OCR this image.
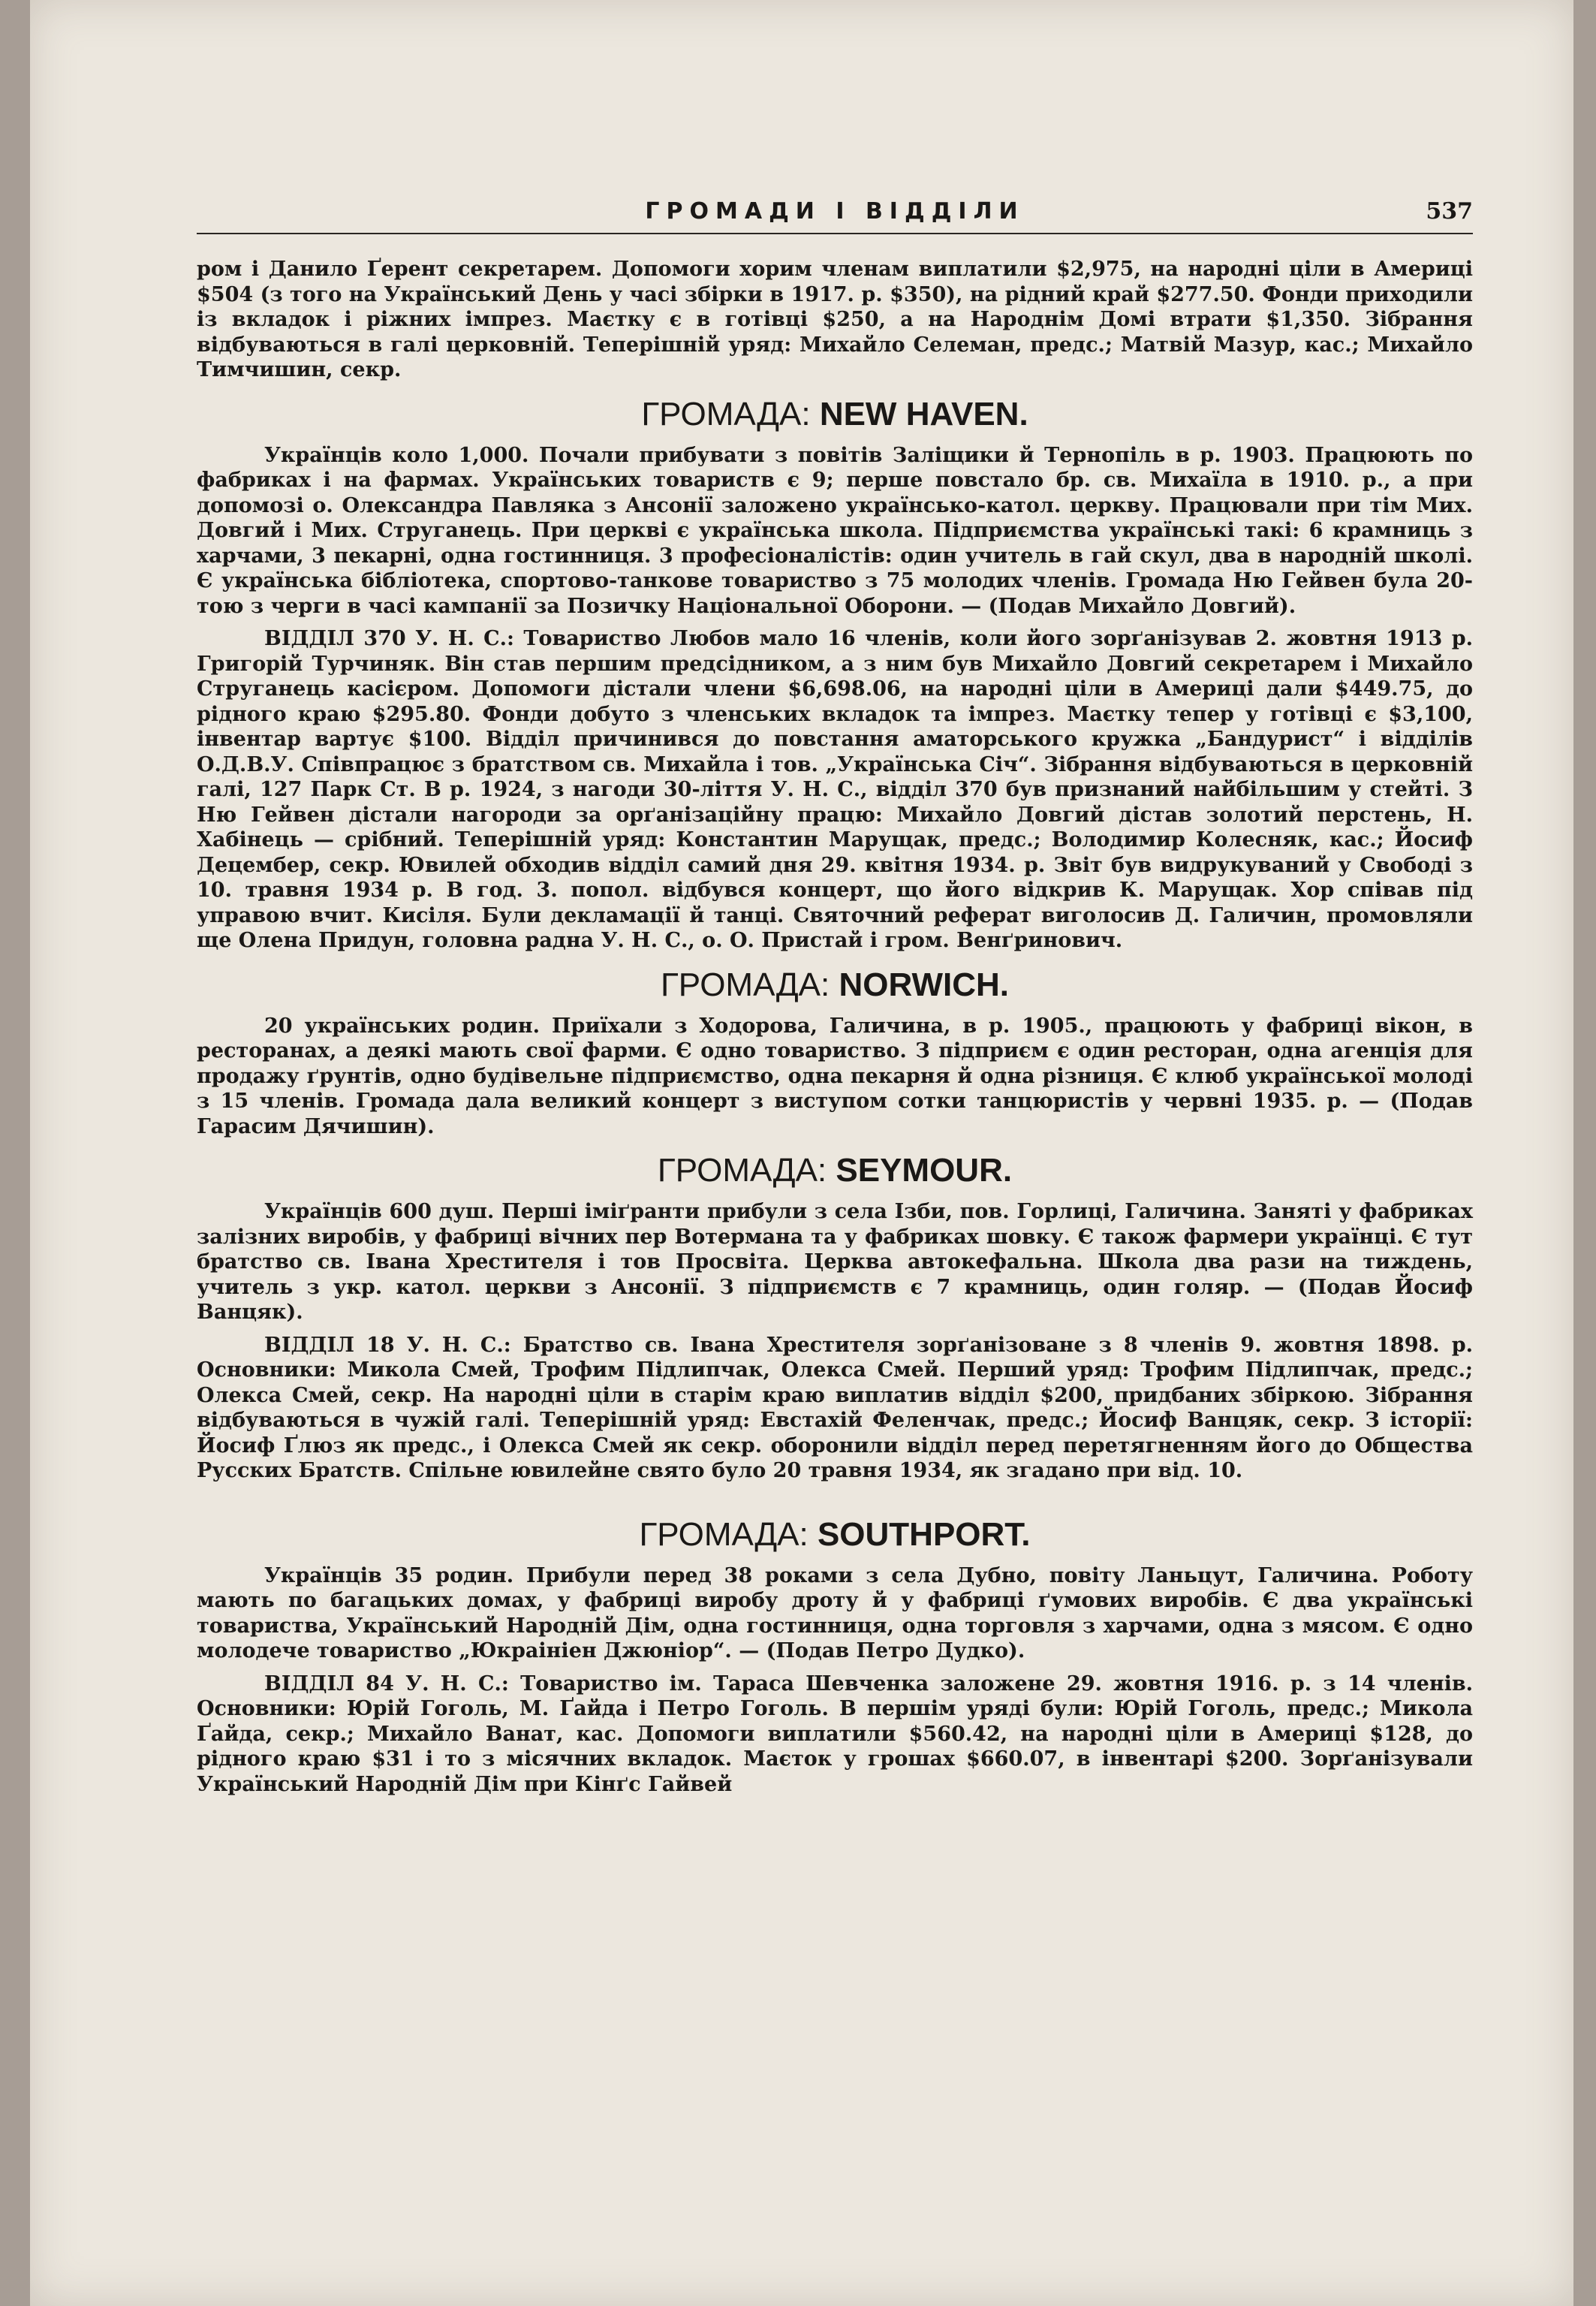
ГРОМАДИ І ВІДДІЛИ	537

ром і Данило Ґерент секретарем. Допомоги хорим членам виплатили $2,975, на народні ціли в Америці $504 (з того на Український День у часі збірки в 1917. р. $350), на рідний край $277.50. Фонди приходили із вкладок і ріжних імпрез. Маєтку є в готівці $250, а на Народнім Домі втрати $1,350. Зібрання відбуваються в галі церковній. Теперішній уряд: Михайло Селеман, предс.; Матвій Мазур, кас.; Михайло Тимчишин, секр.

ГРОМАДА: NEW HAVEN.

Українців коло 1,000. Почали прибувати з повітів Заліщики й Тернопіль в р. 1903. Працюють по фабриках і на фармах. Українських товариств є 9; перше повстало бр. св. Михаїла в 1910. р., а при допомозі о. Олександра Павляка з Ансонії заложено українсько-катол. церкву. Працювали при тім Мих. Довгий і Мих. Струганець. При церкві є українська школа. Підприємства українські такі: 6 крамниць з харчами, 3 пекарні, одна гостинниця. 3 професіоналістів: один учитель в гай скул, два в народній школі. Є українська бібліотека, спортово-танкове товариство з 75 молодих членів. Громада Ню Гейвен була 20-тою з черги в часі кампанії за Позичку Національної Оборони. — (Подав Михайло Довгий).

ВІДДІЛ 370 У. Н. С.: Товариство Любов мало 16 членів, коли його зорґанізував 2. жовтня 1913 р. Григорій Турчиняк. Він став першим предсідником, а з ним був Михайло Довгий секретарем і Михайло Струганець касієром. Допомоги дістали члени $6,698.06, на народні ціли в Америці дали $449.75, до рідного краю $295.80. Фонди добуто з членських вкладок та імпрез. Маєтку тепер у готівці є $3,100, інвентар вартує $100. Відділ причинився до повстання аматорського кружка „Бандурист“ і відділів О.Д.В.У. Співпрацює з братством св. Михайла і тов. „Українська Січ“. Зібрання відбуваються в церковній галі, 127 Парк Ст. В р. 1924, з нагоди 30-ліття У. Н. С., відділ 370 був признаний найбільшим у стейті. З Ню Гейвен дістали нагороди за орґанізаційну працю: Михайло Довгий дістав золотий перстень, Н. Хабінець — срібний. Теперішній уряд: Константин Марущак, предс.; Володимир Колесняк, кас.; Йосиф Децембер, секр. Ювилей обходив відділ самий дня 29. квітня 1934. р. Звіт був видрукуваний у Свободі з 10. травня 1934 р. В год. 3. попол. відбувся концерт, що його відкрив К. Марущак. Хор співав під управою вчит. Кисіля. Були декламації й танці. Святочний реферат виголосив Д. Галичин, промовляли ще Олена Придун, головна радна У. Н. С., о. О. Пристай і гром. Венґринович.

ГРОМАДА: NORWICH.

20 українських родин. Приїхали з Ходорова, Галичина, в р. 1905., працюють у фабриці вікон, в ресторанах, а деякі мають свої фарми. Є одно товариство. З підприєм є один ресторан, одна агенція для продажу ґрунтів, одно будівельне підприємство, одна пекарня й одна різниця. Є клюб української молоді з 15 членів. Громада дала великий концерт з виступом сотки танцюристів у червні 1935. р. — (Подав Гарасим Дячишин).

ГРОМАДА: SEYMOUR.

Українців 600 душ. Перші іміґранти прибули з села Ізби, пов. Горлиці, Галичина. Заняті у фабриках залізних виробів, у фабриці вічних пер Вотермана та у фабриках шовку. Є також фармери українці. Є тут братство св. Івана Хрестителя і тов Просвіта. Церква автокефальна. Школа два рази на тиждень, учитель з укр. катол. церкви з Ансонії. З підприємств є 7 крамниць, один голяр. — (Подав Йосиф Ванцяк).

ВІДДІЛ 18 У. Н. С.: Братство св. Івана Хрестителя зорґанізоване з 8 членів 9. жовтня 1898. р. Основники: Микола Смей, Трофим Підлипчак, Олекса Смей. Перший уряд: Трофим Підлипчак, предс.; Олекса Смей, секр. На народні ціли в старім краю виплатив відділ $200, придбаних збіркою. Зібрання відбуваються в чужій галі. Теперішній уряд: Евстахій Феленчак, предс.; Йосиф Ванцяк, секр. З історії: Йосиф Ґлюз як предс., і Олекса Смей як секр. оборонили відділ перед перетягненням його до Общества Русских Братств. Спільне ювилейне свято було 20 травня 1934, як згадано при від. 10.

ГРОМАДА: SOUTHPORT.

Українців 35 родин. Прибули перед 38 роками з села Дубно, повіту Ланьцут, Галичина. Роботу мають по багацьких домах, у фабриці виробу дроту й у фабриці ґумових виробів. Є два українські товариства, Український Народній Дім, одна гостинниця, одна торговля з харчами, одна з мясом. Є одно молодече товариство „Юкраініен Джюніор“. — (Подав Петро Дудко).

ВІДДІЛ 84 У. Н. С.: Товариство ім. Тараса Шевченка заложене 29. жовтня 1916. р. з 14 членів. Основники: Юрій Гоголь, М. Ґайда і Петро Гоголь. В першім уряді були: Юрій Гоголь, предс.; Микола Ґайда, секр.; Михайло Ванат, кас. Допомоги виплатили $560.42, на народні ціли в Америці $128, до рідного краю $31 і то з місячних вкладок. Маєток у грошах $660.07, в інвентарі $200. Зорґанізували Український Народній Дім при Кінґс Гайвей
